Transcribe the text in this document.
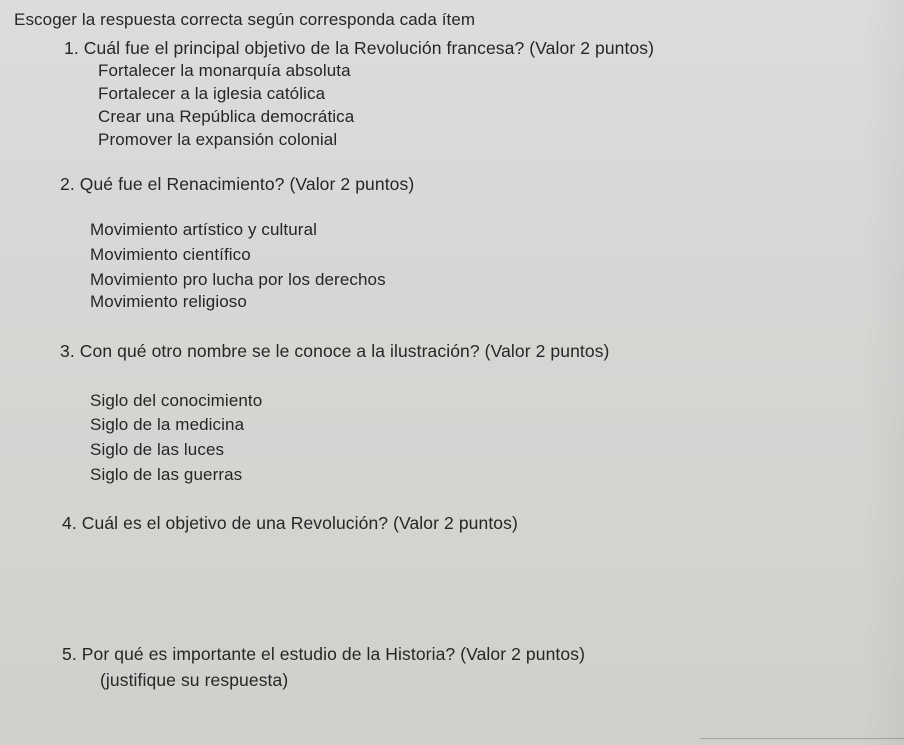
Escoger la respuesta correcta según corresponda cada ítem
1. Cuál fue el principal objetivo de la Revolución francesa? (Valor 2 puntos)
Fortalecer la monarquía absoluta
Fortalecer a la iglesia católica
Crear una República democrática
Promover la expansión colonial
2. Qué fue el Renacimiento? (Valor 2 puntos)
Movimiento artístico y cultural
Movimiento científico
Movimiento pro lucha por los derechos
Movimiento religioso
3. Con qué otro nombre se le conoce a la ilustración? (Valor 2 puntos)
Siglo del conocimiento
Siglo de la medicina
Siglo de las luces
Siglo de las guerras
4. Cuál es el objetivo de una Revolución? (Valor 2 puntos)
5. Por qué es importante el estudio de la Historia? (Valor 2 puntos)
(justifique su respuesta)
